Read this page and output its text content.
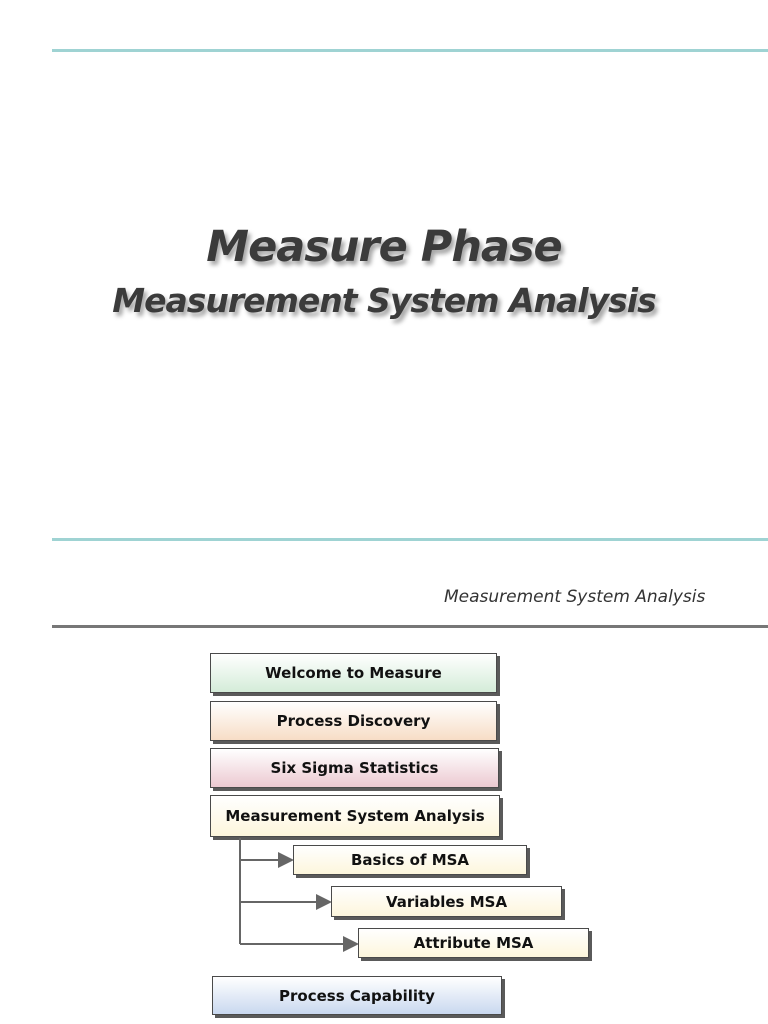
Measure Phase
Measurement System Analysis
Measurement System Analysis
Welcome to Measure
Process Discovery
Six Sigma Statistics
Measurement System Analysis
Basics of MSA
Variables MSA
Attribute MSA
Process Capability
